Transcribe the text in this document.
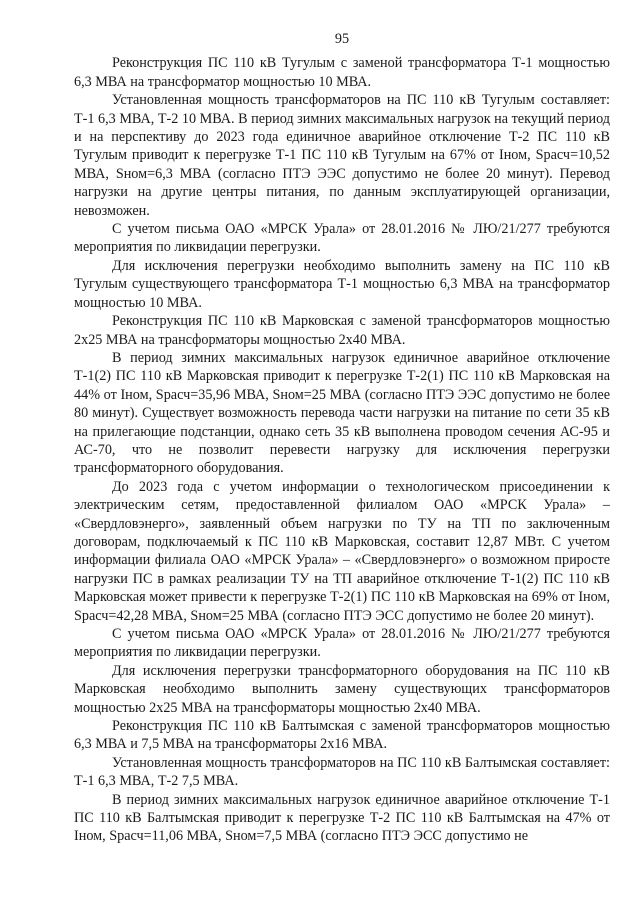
95

Реконструкция ПС 110 кВ Тугулым с заменой трансформатора Т-1 мощностью 6,3 МВА на трансформатор мощностью 10 МВА.

Установленная мощность трансформаторов на ПС 110 кВ Тугулым составляет: Т-1 6,3 МВА, Т-2 10 МВА. В период зимних максимальных нагрузок на текущий период и на перспективу до 2023 года единичное аварийное отключение Т-2 ПС 110 кВ Тугулым приводит к перегрузке Т-1 ПС 110 кВ Тугулым на 67% от Iном, Sрасч=10,52 МВА, Sном=6,3 МВА (согласно ПТЭ ЭЭС допустимо не более 20 минут). Перевод нагрузки на другие центры питания, по данным эксплуатирующей организации, невозможен.

С учетом письма ОАО «МРСК Урала» от 28.01.2016 № ЛЮ/21/277 требуются мероприятия по ликвидации перегрузки.

Для исключения перегрузки необходимо выполнить замену на ПС 110 кВ Тугулым существующего трансформатора Т-1 мощностью 6,3 МВА на трансформатор мощностью 10 МВА.

Реконструкция ПС 110 кВ Марковская с заменой трансформаторов мощностью 2х25 МВА на трансформаторы мощностью 2х40 МВА.

В период зимних максимальных нагрузок единичное аварийное отключение Т-1(2) ПС 110 кВ Марковская приводит к перегрузке Т-2(1) ПС 110 кВ Марковская на 44% от Iном, Sрасч=35,96 МВА, Sном=25 МВА (согласно ПТЭ ЭЭС допустимо не более 80 минут). Существует возможность перевода части нагрузки на питание по сети 35 кВ на прилегающие подстанции, однако сеть 35 кВ выполнена проводом сечения АС-95 и АС-70, что не позволит перевести нагрузку для исключения перегрузки трансформаторного оборудования.

До 2023 года с учетом информации о технологическом присоединении к электрическим сетям, предоставленной филиалом ОАО «МРСК Урала» – «Свердловэнерго», заявленный объем нагрузки по ТУ на ТП по заключенным договорам, подключаемый к ПС 110 кВ Марковская, составит 12,87 МВт. С учетом информации филиала ОАО «МРСК Урала» – «Свердловэнерго» о возможном приросте нагрузки ПС в рамках реализации ТУ на ТП аварийное отключение Т-1(2) ПС 110 кВ Марковская может привести к перегрузке Т-2(1) ПС 110 кВ Марковская на 69% от Iном, Sрасч=42,28 МВА, Sном=25 МВА (согласно ПТЭ ЭСС допустимо не более 20 минут).

С учетом письма ОАО «МРСК Урала» от 28.01.2016 № ЛЮ/21/277 требуются мероприятия по ликвидации перегрузки.

Для исключения перегрузки трансформаторного оборудования на ПС 110 кВ Марковская необходимо выполнить замену существующих трансформаторов мощностью 2х25 МВА на трансформаторы мощностью 2х40 МВА.

Реконструкция ПС 110 кВ Балтымская с заменой трансформаторов мощностью 6,3 МВА и 7,5 МВА на трансформаторы 2х16 МВА.

Установленная мощность трансформаторов на ПС 110 кВ Балтымская составляет: Т-1 6,3 МВА, Т-2 7,5 МВА.

В период зимних максимальных нагрузок единичное аварийное отключение Т-1 ПС 110 кВ Балтымская приводит к перегрузке Т-2 ПС 110 кВ Балтымская на 47% от Iном, Sрасч=11,06 МВА, Sном=7,5 МВА (согласно ПТЭ ЭСС допустимо не
